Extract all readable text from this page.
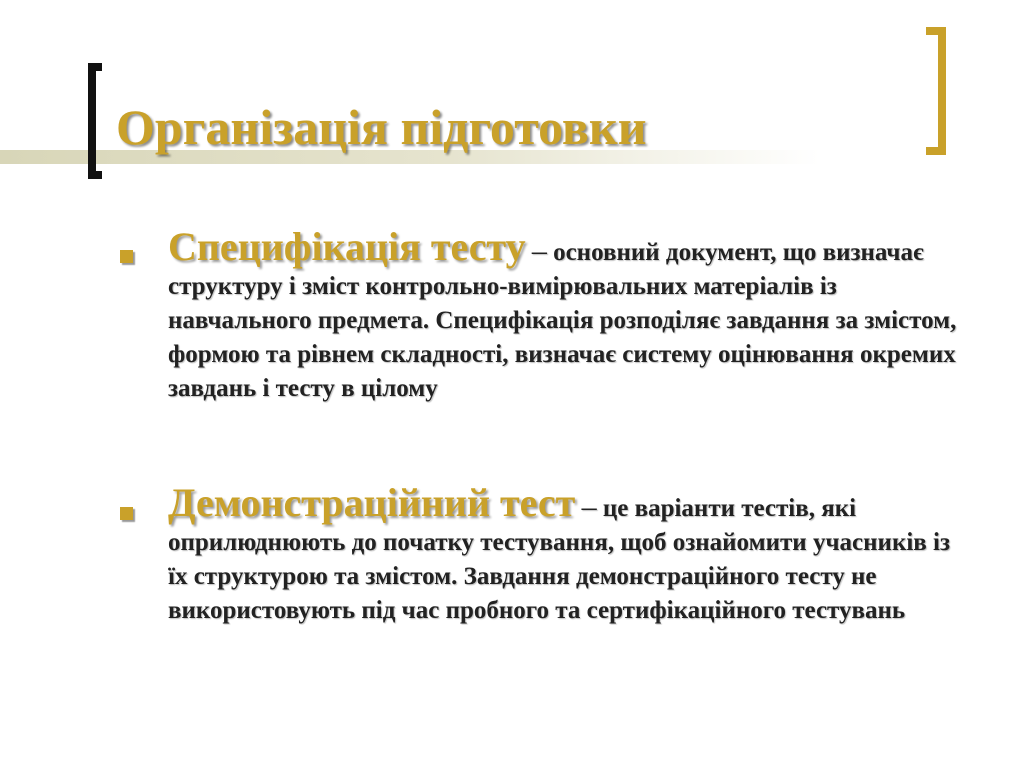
Організація підготовки
Специфікація тесту – основний документ, що визначає структуру і зміст контрольно-вимірювальних матеріалів із навчального предмета. Специфікація розподіляє завдання за змістом, формою та рівнем складності, визначає систему оцінювання окремих завдань і тесту в цілому
Демонстраційний тест – це варіанти тестів, які оприлюднюють до початку тестування, щоб ознайомити учасників із їх структурою та змістом. Завдання демонстраційного тесту не використовують під час пробного та сертифікаційного тестувань
